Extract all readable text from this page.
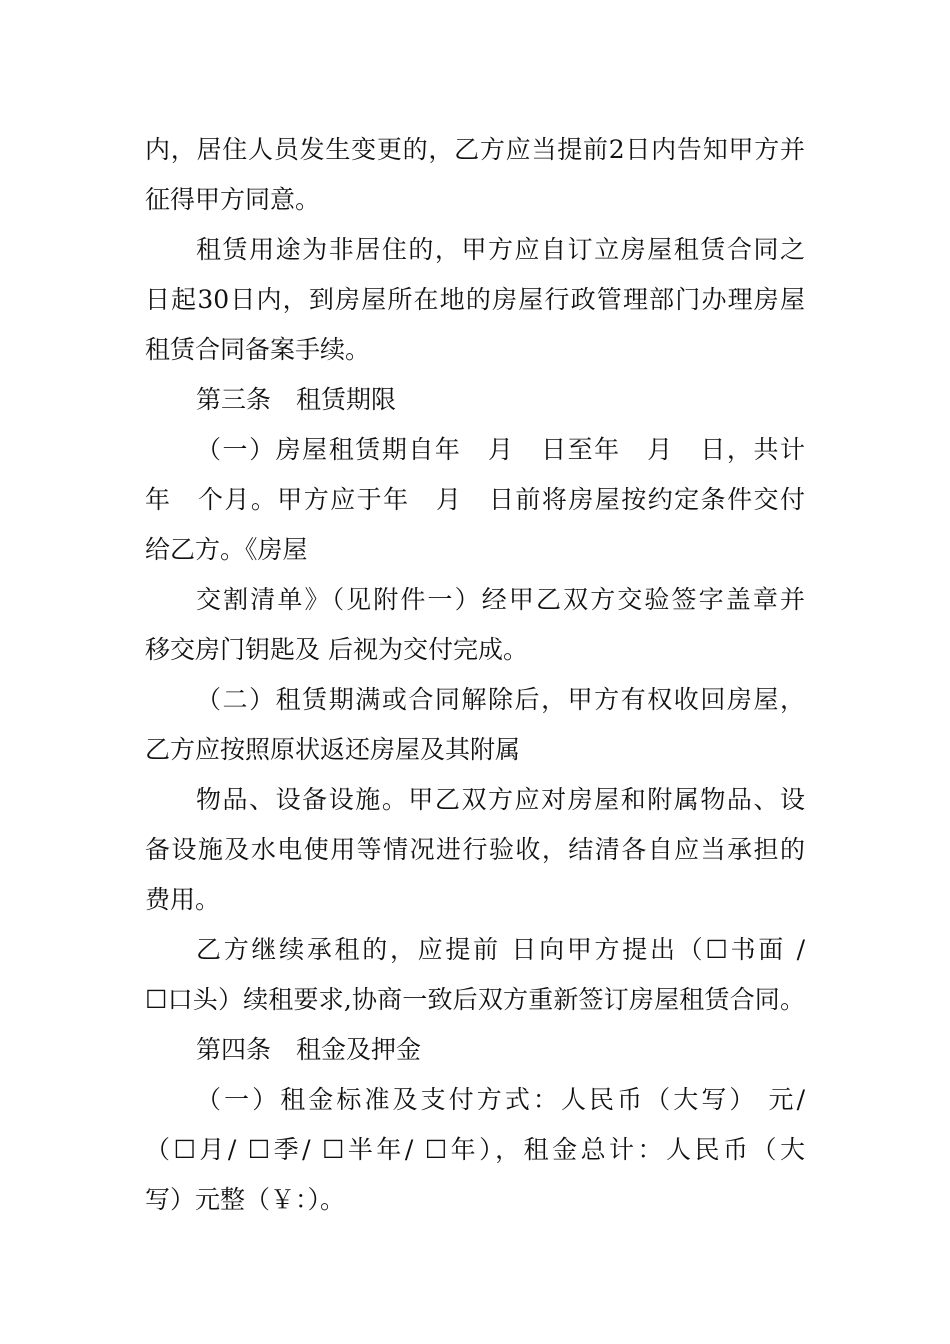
内，居住人员发生变更的，乙方应当提前2日内告知甲方并

征得甲方同意。

租赁用途为非居住的，甲方应自订立房屋租赁合同之

日起30日内，到房屋所在地的房屋行政管理部门办理房屋

租赁合同备案手续。

第三条　租赁期限

（一）房屋租赁期自年　月　日至年　月　日，共计

年　个月。甲方应于年　月　日前将房屋按约定条件交付

给乙方。《房屋

交割清单》（见附件一）经甲乙双方交验签字盖章并

移交房门钥匙及 后视为交付完成。

（二）租赁期满或合同解除后，甲方有权收回房屋，

乙方应按照原状返还房屋及其附属

物品、设备设施。甲乙双方应对房屋和附属物品、设

备设施及水电使用等情况进行验收，结清各自应当承担的

费用。

乙方继续承租的，应提前 日向甲方提出（☐书面 /

☐口头）续租要求,协商一致后双方重新签订房屋租赁合同。

第四条　租金及押金

（一）租金标准及支付方式：人民币（大写） 元/

（☐月/ ☐季/ ☐半年/ ☐年），租金总计：人民币（大

写）元整（￥：）。
